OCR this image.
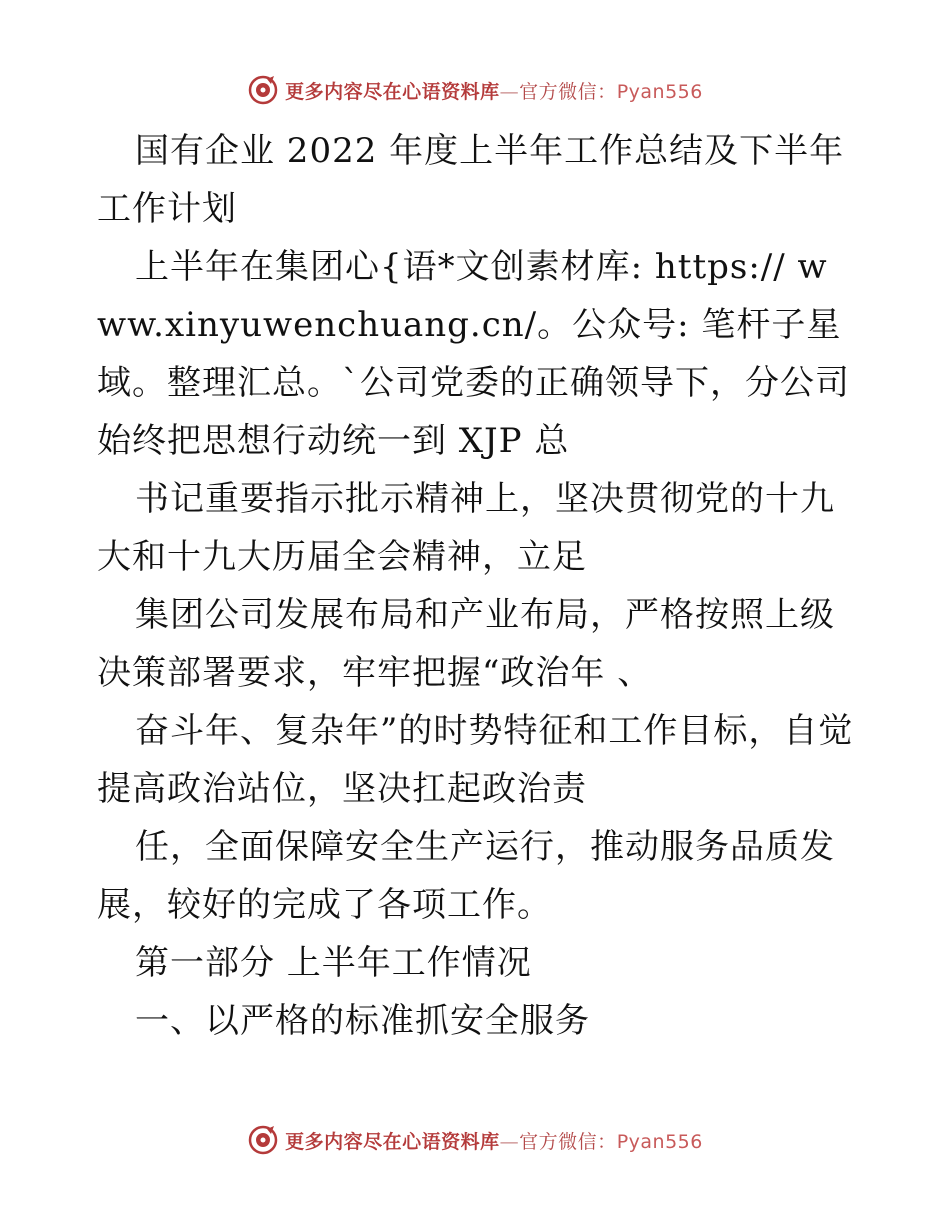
更多内容尽在心语资料库—官方微信：Pyan556

国有企业 2022 年度上半年工作总结及下半年工作计划

上半年在集团心{语*文创素材库: https:// www.xinyuwenchuang.cn/。公众号: 笔杆子星域。整理汇总。`公司党委的正确领导下，分公司始终把思想行动统一到 XJP 总

书记重要指示批示精神上，坚决贯彻党的十九大和十九大历届全会精神，立足

集团公司发展布局和产业布局，严格按照上级决策部署要求，牢牢把握“政治年 、

奋斗年、复杂年”的时势特征和工作目标，自觉提高政治站位，坚决扛起政治责

任，全面保障安全生产运行，推动服务品质发展，较好的完成了各项工作。

第一部分 上半年工作情况

一、以严格的标准抓安全服务

更多内容尽在心语资料库—官方微信：Pyan556
